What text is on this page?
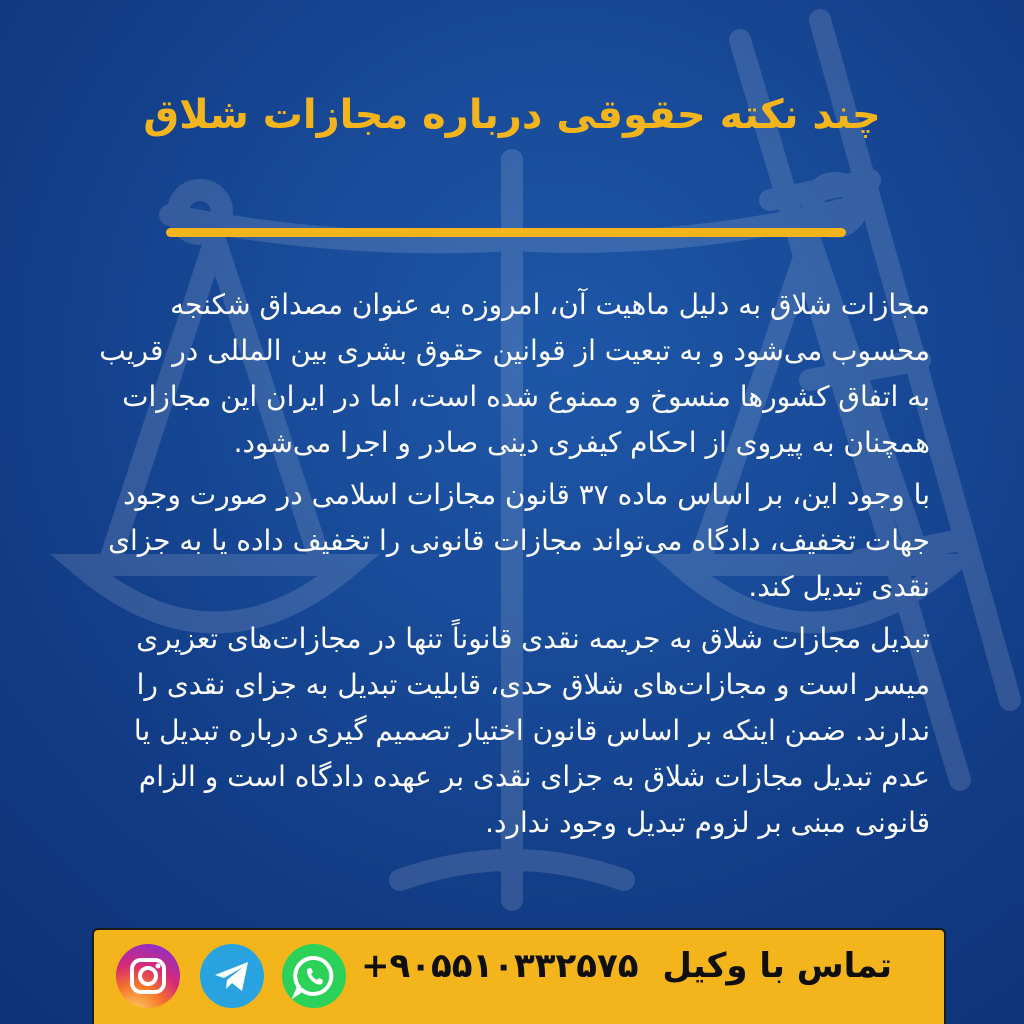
چند نکته حقوقی درباره مجازات شلاق

مجازات شلاق به دلیل ماهیت آن، امروزه به عنوان مصداق شکنجه محسوب می‌شود و به تبعیت از قوانین حقوق بشری بین المللی در قریب به اتفاق کشورها منسوخ و ممنوع شده است، اما در ایران این مجازات همچنان به پیروی از احکام کیفری دینی صادر و اجرا می‌شود.

با وجود این، بر اساس ماده ۳۷ قانون مجازات اسلامی در صورت وجود جهات تخفیف، دادگاه می‌تواند مجازات قانونی را تخفیف داده یا به جزای نقدی تبدیل کند.

تبدیل مجازات شلاق به جریمه نقدی قانوناً تنها در مجازات‌های تعزیری میسر است و مجازات‌های شلاق حدی، قابلیت تبدیل به جزای نقدی را ندارند. ضمن اینکه بر اساس قانون اختیار تصمیم گیری درباره تبدیل یا عدم تبدیل مجازات شلاق به جزای نقدی بر عهده دادگاه است و الزام قانونی مبنی بر لزوم تبدیل وجود ندارد.

تماس با وکیل +۹۰۵۵۱۰۳۳۲۵۷۵
